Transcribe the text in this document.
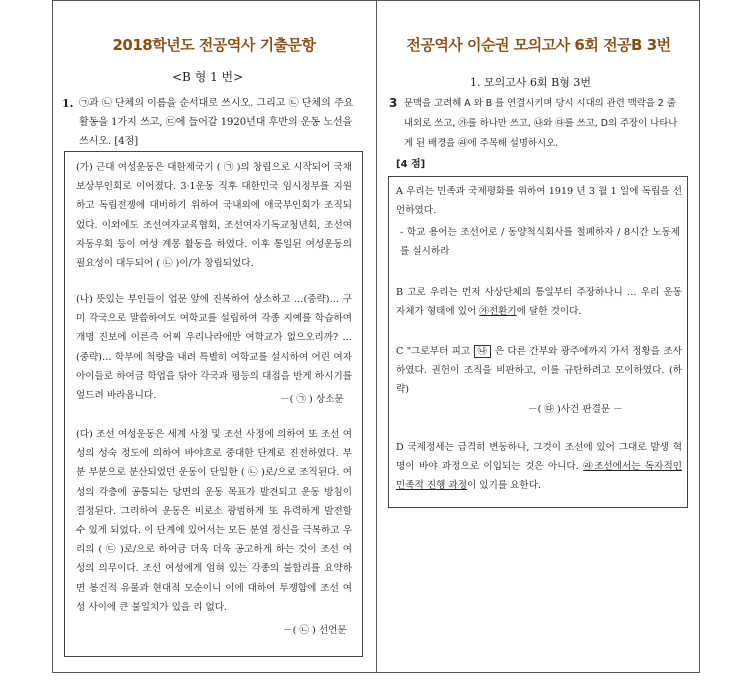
2018학년도 전공역사 기출문항
<B 형 1 번>
1. ㉠과 ㉡ 단체의 이름을 순서대로 쓰시오. 그리고 ㉡ 단체의 주요 활동을 1가지 쓰고, ㉢에 들어갈 1920년대 후반의 운동 노선을 쓰시오. [4점]
(가) 근대 여성운동은 대한제국기 ( ㉠ )의 창립으로 시작되어 국채보상부인회로 이어졌다. 3·1운동 직후 대한민국 임시정부를 지원하고 독립전쟁에 대비하기 위하여 국내외에 애국부인회가 조직되었다. 이외에도 조선여자교육협회, 조선여자기독교청년회, 조선여자동우회 등이 여성 계몽 활동을 하였다. 이후 통일된 여성운동의 필요성이 대두되어 ( ㉡ )이/가 창립되었다.
(나) 뜻있는 부인들이 업문 앞에 진복하여 상소하고 …(중략)… 구미 각국으로 말씀하여도 여학교를 설립하여 각종 지예를 학습하여 개명 진보에 이른즉 어찌 우리나라에만 여학교가 없으오리까? …(중략)… 학부에 척량을 내려 특별히 여학교를 설시하여 어린 여자아이들로 하여금 학업을 닦아 각국과 평등의 대접을 반게 하시기를 엎드려 바라옵니다.	－( ㉠ ) 상소문
(다) 조선 여성운동은 세계 사정 및 조선 사정에 의하여 또 조선 여성의 성숙 정도에 의하여 바야흐로 중대한 단계로 진전하였다. 부분 부분으로 분산되었던 운동이 단일한 ( ㉡ )로/으로 조직된다. 여성의 각층에 공통되는 당면의 운동 목표가 발견되고 운동 방침이 결정된다. 그리하여 운동은 비로소 광범하게 또 유력하게 발전할 수 있게 되었다. 이 단계에 있어서는 모든 분열 정신을 극복하고 우리의 ( ㉢ )로/으로 하여금 더욱 더욱 공고하게 하는 것이 조선 여성의 의무이다. 조선 여성에게 엄혀 있는 각종의 불합리를 요약하면 봉건적 유물과 현대적 모순이니 이에 대하여 투쟁함에 조선 여성 사이에 큰 불일치가 있을 리 없다.
－( ㉡ ) 선언문
전공역사 이순권 모의고사 6회 전공B 3번
1. 모의고사 6회 B형 3번
3 문맥을 고려해 A 와 B 를 연결시키며 당시 시대의 관련 맥락을 2 줄 내외로 쓰고, ㉮를 하나만 쓰고, ㉯와 ㉰를 쓰고, D의 주장이 나타나게 된 배경을 ㉱에 주목해 설명하시오.
[4 점]
A 우리는 민족과 국제평화를 위하여 1919 년 3 월 1 일에 독립을 선언하였다.
- 학교 용어는 조선어로 / 동양척식회사를 철폐하자 / 8시간 노동제를 실시하라
B 고로 우리는 먼저 사상단체의 통일부터 주장하나니 … 우리 운동 자체가 형태에 있어 ㉮전환기에 달한 것이다.
C "그로부터 피고 ㉯ 은 다른 간부와 광주에까지 가서 정황을 조사하였다. 권헌이 조직을 비판하고, 이를 규탄하려고 모이하였다. (하략)
－( ㉰ )사건 판결문 －
D 국제정세는 급격히 변동하나, 그것이 조선에 있어 그대로 발생 혁명이 바야 과정으로 이입되는 것은 아니다. ㉱조선에서는 독자적인 민족적 진행 과정이 있기를 요한다.
